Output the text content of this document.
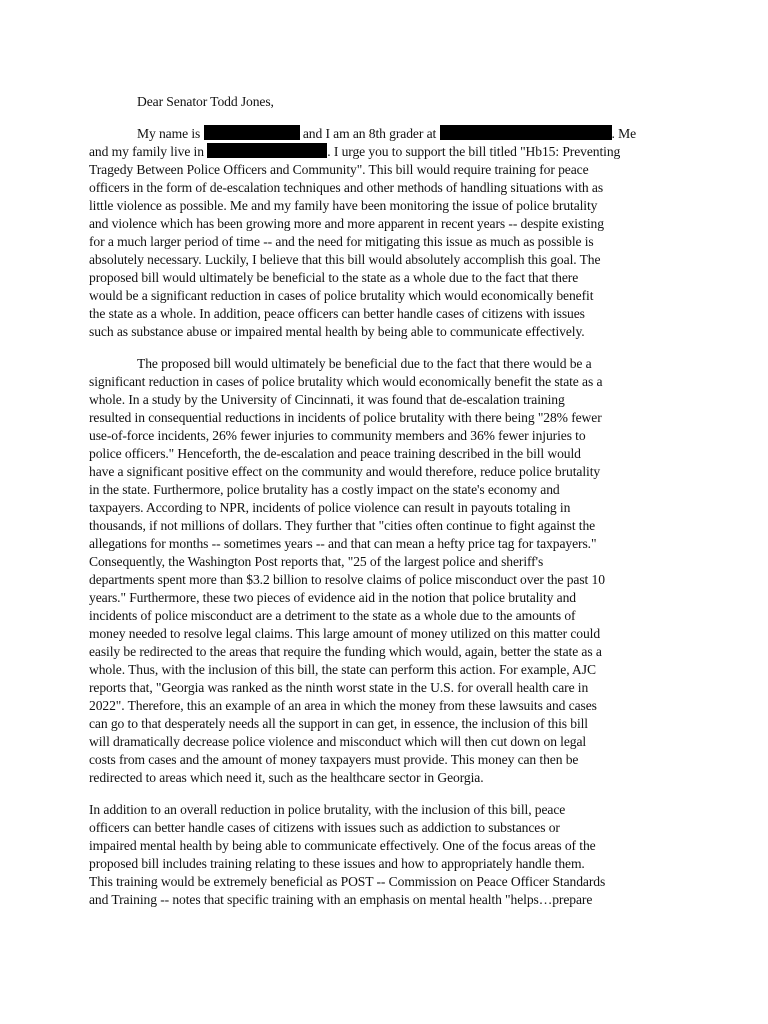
Dear Senator Todd Jones,
My name is	and I am an 8th grader at	. Me
and my family live in	. I urge you to support the bill titled "Hb15: Preventing
Tragedy Between Police Officers and Community". This bill would require training for peace
officers in the form of de-escalation techniques and other methods of handling situations with as
little violence as possible. Me and my family have been monitoring the issue of police brutality
and violence which has been growing more and more apparent in recent years -- despite existing
for a much larger period of time -- and the need for mitigating this issue as much as possible is
absolutely necessary. Luckily, I believe that this bill would absolutely accomplish this goal. The
proposed bill would ultimately be beneficial to the state as a whole due to the fact that there
would be a significant reduction in cases of police brutality which would economically benefit
the state as a whole. In addition, peace officers can better handle cases of citizens with issues
such as substance abuse or impaired mental health by being able to communicate effectively.
The proposed bill would ultimately be beneficial due to the fact that there would be a
significant reduction in cases of police brutality which would economically benefit the state as a
whole. In a study by the University of Cincinnati, it was found that de-escalation training
resulted in consequential reductions in incidents of police brutality with there being "28% fewer
use-of-force incidents, 26% fewer injuries to community members and 36% fewer injuries to
police officers." Henceforth, the de-escalation and peace training described in the bill would
have a significant positive effect on the community and would therefore, reduce police brutality
in the state. Furthermore, police brutality has a costly impact on the state's economy and
taxpayers. According to NPR, incidents of police violence can result in payouts totaling in
thousands, if not millions of dollars. They further that "cities often continue to fight against the
allegations for months -- sometimes years -- and that can mean a hefty price tag for taxpayers."
Consequently, the Washington Post reports that, "25 of the largest police and sheriff's
departments spent more than $3.2 billion to resolve claims of police misconduct over the past 10
years." Furthermore, these two pieces of evidence aid in the notion that police brutality and
incidents of police misconduct are a detriment to the state as a whole due to the amounts of
money needed to resolve legal claims. This large amount of money utilized on this matter could
easily be redirected to the areas that require the funding which would, again, better the state as a
whole. Thus, with the inclusion of this bill, the state can perform this action. For example, AJC
reports that, "Georgia was ranked as the ninth worst state in the U.S. for overall health care in
2022". Therefore, this an example of an area in which the money from these lawsuits and cases
can go to that desperately needs all the support in can get, in essence, the inclusion of this bill
will dramatically decrease police violence and misconduct which will then cut down on legal
costs from cases and the amount of money taxpayers must provide. This money can then be
redirected to areas which need it, such as the healthcare sector in Georgia.
In addition to an overall reduction in police brutality, with the inclusion of this bill, peace
officers can better handle cases of citizens with issues such as addiction to substances or
impaired mental health by being able to communicate effectively. One of the focus areas of the
proposed bill includes training relating to these issues and how to appropriately handle them.
This training would be extremely beneficial as POST -- Commission on Peace Officer Standards
and Training -- notes that specific training with an emphasis on mental health "helps…prepare
